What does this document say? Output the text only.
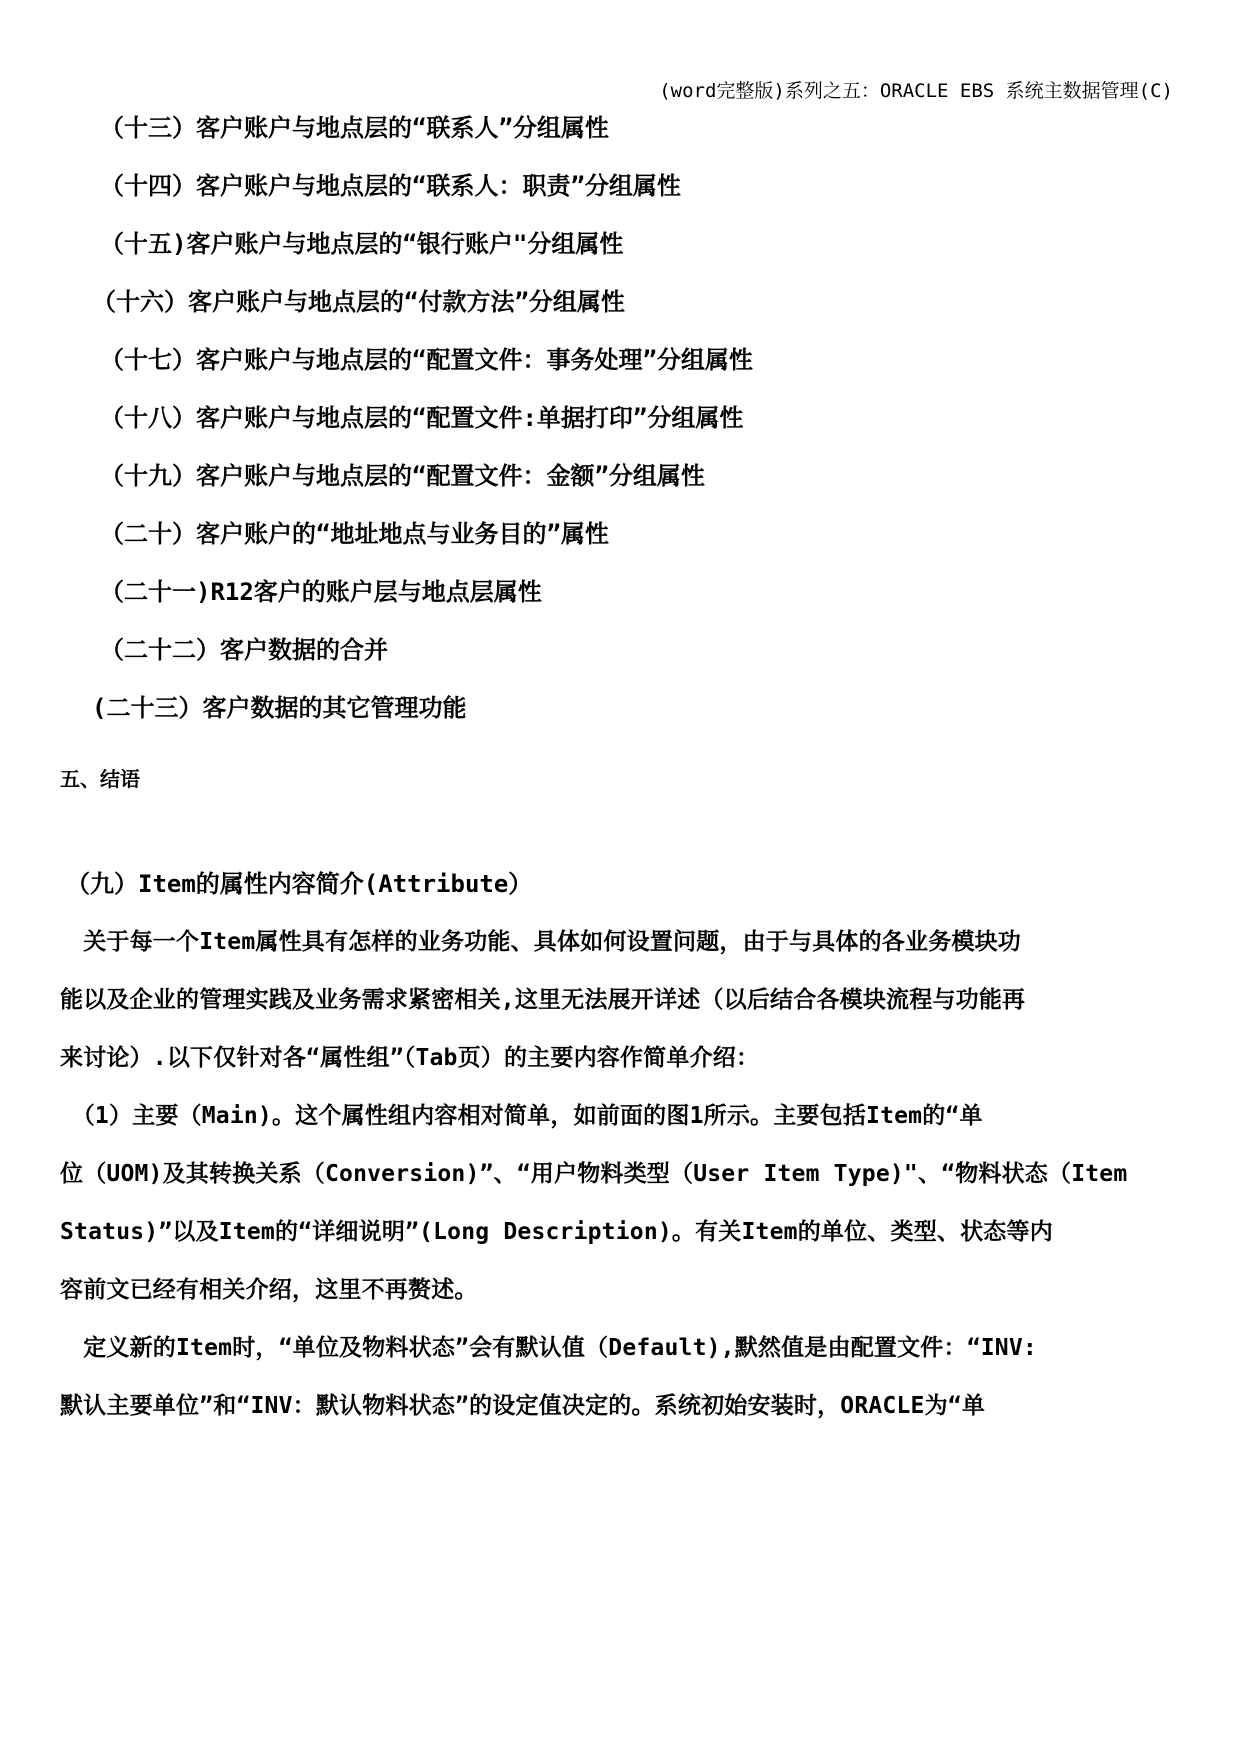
(word完整版)系列之五：ORACLE EBS 系统主数据管理(C)
（十三）客户账户与地点层的“联系人”分组属性
（十四）客户账户与地点层的“联系人：职责”分组属性
（十五)客户账户与地点层的“银行账户"分组属性
（十六）客户账户与地点层的“付款方法”分组属性
（十七）客户账户与地点层的“配置文件：事务处理”分组属性
（十八）客户账户与地点层的“配置文件:单据打印”分组属性
（十九）客户账户与地点层的“配置文件：金额”分组属性
（二十）客户账户的“地址地点与业务目的”属性
（二十一)R12客户的账户层与地点层属性
（二十二）客户数据的合并
(二十三）客户数据的其它管理功能
五、结语
（九）Item的属性内容简介(Attribute）
　关于每一个Item属性具有怎样的业务功能、具体如何设置问题，由于与具体的各业务模块功
能以及企业的管理实践及业务需求紧密相关,这里无法展开详述（以后结合各模块流程与功能再
来讨论）.以下仅针对各“属性组”（Tab页）的主要内容作简单介绍：
　（1）主要（Main)。这个属性组内容相对简单，如前面的图1所示。主要包括Item的“单
位（UOM)及其转换关系（Conversion)”、“用户物料类型（User Item Type)"、“物料状态（Item
Status)”以及Item的“详细说明”(Long Description)。有关Item的单位、类型、状态等内
容前文已经有相关介绍，这里不再赘述。
　定义新的Item时，“单位及物料状态”会有默认值（Default),默然值是由配置文件：“INV:
默认主要单位”和“INV：默认物料状态”的设定值决定的。系统初始安装时，ORACLE为“单
